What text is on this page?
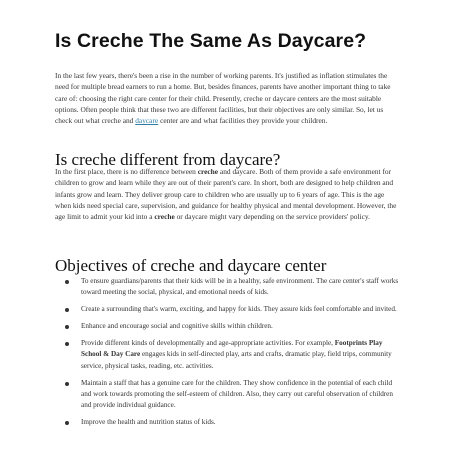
Is Creche The Same As Daycare?

In the last few years, there's been a rise in the number of working parents. It's justified as inflation stimulates the need for multiple bread earners to run a home. But, besides finances, parents have another important thing to take care of: choosing the right care center for their child. Presently, creche or daycare centers are the most suitable options. Often people think that these two are different facilities, but their objectives are only similar. So, let us check out what creche and daycare center are and what facilities they provide your children.

Is creche different from daycare?

In the first place, there is no difference between creche and daycare. Both of them provide a safe environment for children to grow and learn while they are out of their parent's care. In short, both are designed to help children and infants grow and learn. They deliver group care to children who are usually up to 6 years of age. This is the age when kids need special care, supervision, and guidance for healthy physical and mental development. However, the age limit to admit your kid into a creche or daycare might vary depending on the service providers' policy.

Objectives of creche and daycare center
To ensure guardians/parents that their kids will be in a healthy, safe environment. The care center's staff works toward meeting the social, physical, and emotional needs of kids.
Create a surrounding that's warm, exciting, and happy for kids. They assure kids feel comfortable and invited.
Enhance and encourage social and cognitive skills within children.
Provide different kinds of developmentally and age-appropriate activities. For example, Footprints Play School & Day Care engages kids in self-directed play, arts and crafts, dramatic play, field trips, community service, physical tasks, reading, etc. activities.
Maintain a staff that has a genuine care for the children. They show confidence in the potential of each child and work towards promoting the self-esteem of children. Also, they carry out careful observation of children and provide individual guidance.
Improve the health and nutrition status of kids.
